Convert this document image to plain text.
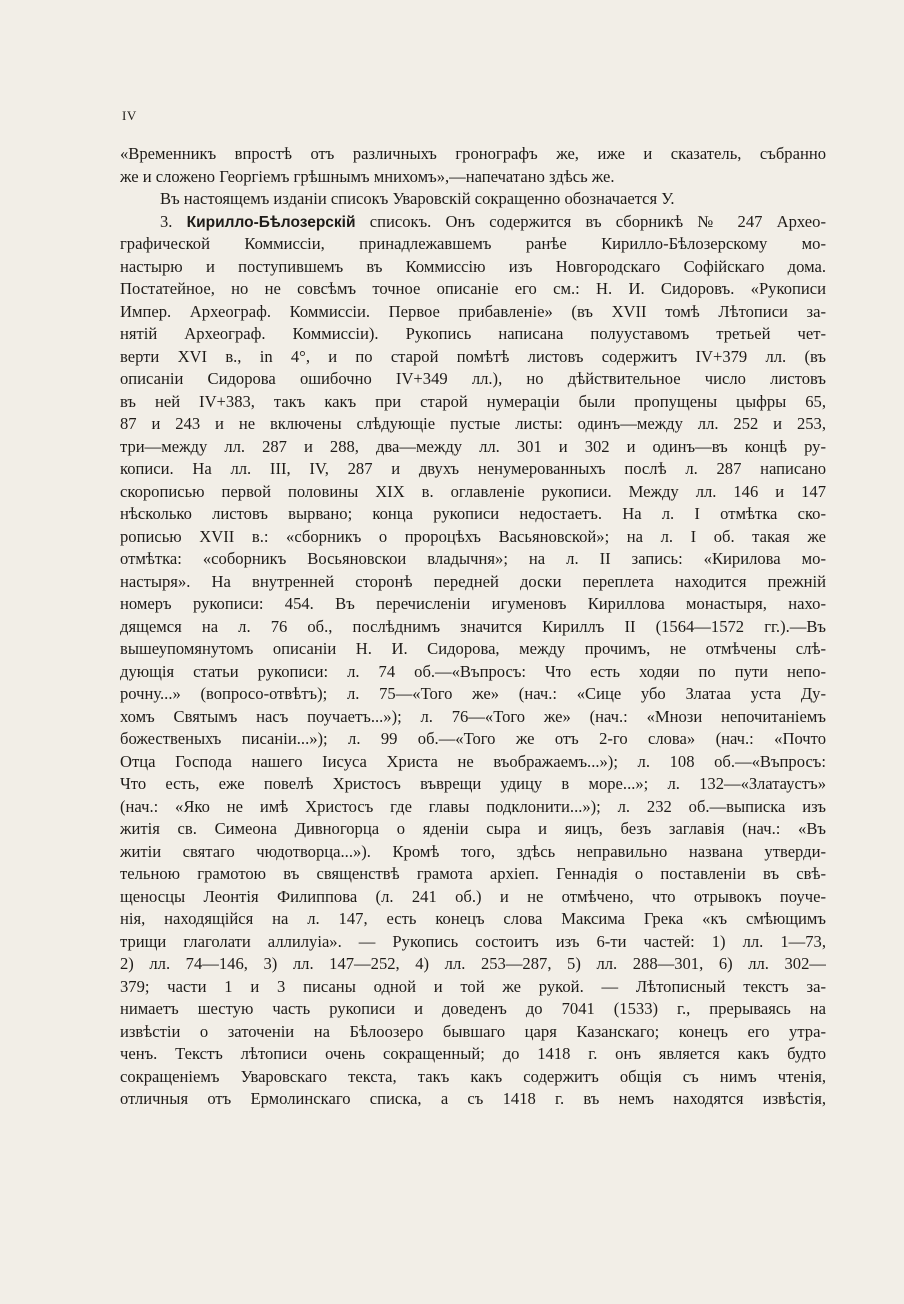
IV
«Временникъ впростѣ отъ различныхъ гронографъ же, иже и сказатель, събранно
же и сложено Георгіемъ грѣшнымъ мнихомъ»,—напечатано здѣсь же.
Въ настоящемъ изданіи списокъ Уваровскій сокращенно обозначается У.
3. Кирилло-Бѣлозерскій списокъ. Онъ содержится въ сборникѣ № 247 Архео-
графической Коммиссіи, принадлежавшемъ ранѣе Кирилло-Бѣлозерскому мо-
настырю и поступившемъ въ Коммиссію изъ Новгородскаго Софійскаго дома.
Постатейное, но не совсѣмъ точное описаніе его см.: Н. И. Сидоровъ. «Рукописи
Импер. Археограф. Коммиссіи. Первое прибавленіе» (въ XVII томѣ Лѣтописи за-
нятій Археограф. Коммиссіи). Рукопись написана полууставомъ третьей чет-
верти XVI в., in 4°, и по старой помѣтѣ листовъ содержитъ IV+379 лл. (въ
описаніи Сидорова ошибочно IV+349 лл.), но дѣйствительное число листовъ
въ ней IV+383, такъ какъ при старой нумераціи были пропущены цыфры 65,
87 и 243 и не включены слѣдующіе пустые листы: одинъ—между лл. 252 и 253,
три—между лл. 287 и 288, два—между лл. 301 и 302 и одинъ—въ концѣ ру-
кописи. На лл. III, IV, 287 и двухъ ненумерованныхъ послѣ л. 287 написано
скорописью первой половины XIX в. оглавленіе рукописи. Между лл. 146 и 147
нѣсколько листовъ вырвано; конца рукописи недостаетъ. На л. I отмѣтка ско-
рописью XVII в.: «сборникъ о пророцѣхъ Васьяновской»; на л. I об. такая же
отмѣтка: «соборникъ Восьяновскои владычня»; на л. II запись: «Кирилова мо-
настыря». На внутренней сторонѣ передней доски переплета находится прежній
номеръ рукописи: 454. Въ перечисленіи игуменовъ Кириллова монастыря, нахо-
дящемся на л. 76 об., послѣднимъ значится Кириллъ II (1564—1572 гг.).—Въ
вышеупомянутомъ описаніи Н. И. Сидорова, между прочимъ, не отмѣчены слѣ-
дующія статьи рукописи: л. 74 об.—«Въпросъ: Что есть ходяи по пути непо-
рочну...» (вопросо-отвѣтъ); л. 75—«Того же» (нач.: «Сице убо Златаа уста Ду-
хомъ Святымъ насъ поучаетъ...»); л. 76—«Того же» (нач.: «Мнози непочитаніемъ
божественыхъ писаніи...»); л. 99 об.—«Того же отъ 2-го слова» (нач.: «Почто
Отца Господа нашего Іисуса Христа не въображаемъ...»); л. 108 об.—«Въпросъ:
Что есть, еже повелѣ Христосъ въврещи удицу в море...»; л. 132—«Златаустъ»
(нач.: «Яко не имѣ Христосъ где главы подклонити...»); л. 232 об.—выписка изъ
житія св. Симеона Дивногорца о яденіи сыра и яицъ, безъ заглавія (нач.: «Въ
житіи святаго чюдотворца...»). Кромѣ того, здѣсь неправильно названа утверди-
тельною грамотою въ священствѣ грамота архіеп. Геннадія о поставленіи въ свѣ-
щеносцы Леонтія Филиппова (л. 241 об.) и не отмѣчено, что отрывокъ поуче-
нія, находящійся на л. 147, есть конецъ слова Максима Грека «къ смѣющимъ
трищи глаголати аллилуіа». — Рукопись состоитъ изъ 6-ти частей: 1) лл. 1—73,
2) лл. 74—146, 3) лл. 147—252, 4) лл. 253—287, 5) лл. 288—301, 6) лл. 302—
379; части 1 и 3 писаны одной и той же рукой. — Лѣтописный текстъ за-
нимаетъ шестую часть рукописи и доведенъ до 7041 (1533) г., прерываясь на
извѣстіи о заточеніи на Бѣлоозеро бывшаго царя Казанскаго; конецъ его утра-
ченъ. Текстъ лѣтописи очень сокращенный; до 1418 г. онъ является какъ будто
сокращеніемъ Уваровскаго текста, такъ какъ содержитъ общія съ нимъ чтенія,
отличныя отъ Ермолинскаго списка, а съ 1418 г. въ немъ находятся извѣстія,
